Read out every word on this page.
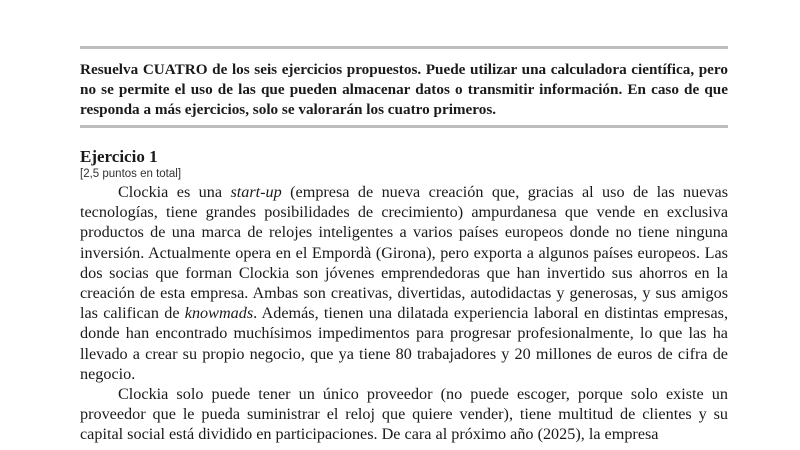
Resuelva CUATRO de los seis ejercicios propuestos. Puede utilizar una calculadora científica, pero no se permite el uso de las que pueden almacenar datos o transmitir información. En caso de que responda a más ejercicios, solo se valorarán los cuatro primeros.

Ejercicio 1
[2,5 puntos en total]

Clockia es una start-up (empresa de nueva creación que, gracias al uso de las nuevas tecnologías, tiene grandes posibilidades de crecimiento) ampurdanesa que vende en exclusiva productos de una marca de relojes inteligentes a varios países europeos donde no tiene ninguna inversión. Actualmente opera en el Empordà (Girona), pero exporta a algunos países europeos. Las dos socias que forman Clockia son jóvenes emprendedoras que han invertido sus ahorros en la creación de esta empresa. Ambas son creativas, divertidas, autodidactas y generosas, y sus amigos las califican de knowmads. Además, tienen una dilatada experiencia laboral en distintas empresas, donde han encontrado muchísimos impedimentos para progresar profesionalmente, lo que las ha llevado a crear su propio negocio, que ya tiene 80 trabajadores y 20 millones de euros de cifra de negocio.

Clockia solo puede tener un único proveedor (no puede escoger, porque solo existe un proveedor que le pueda suministrar el reloj que quiere vender), tiene multitud de clientes y su capital social está dividido en participaciones. De cara al próximo año (2025), la empresa
